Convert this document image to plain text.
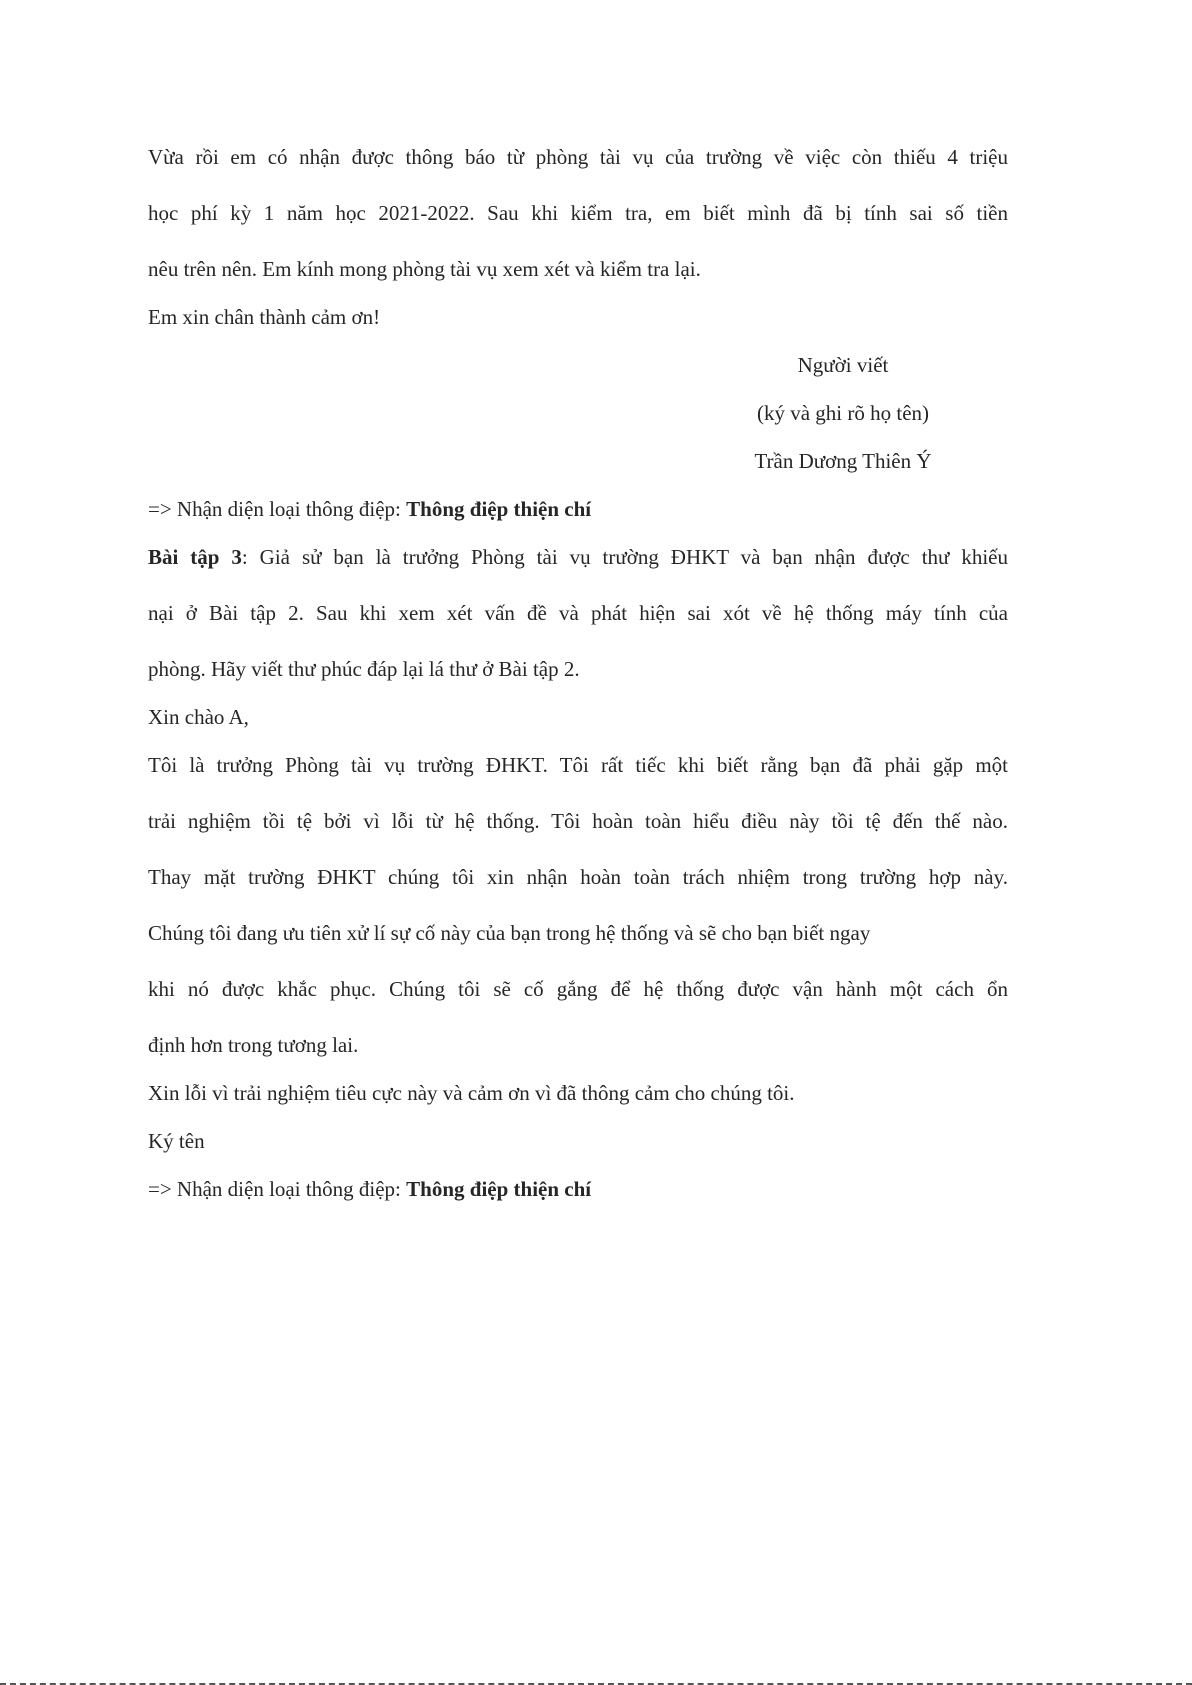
Vừa rồi em có nhận được thông báo từ phòng tài vụ của trường về việc còn thiếu 4 triệu
học phí kỳ 1 năm học 2021-2022. Sau khi kiểm tra, em biết mình đã bị tính sai số tiền
nêu trên nên. Em kính mong phòng tài vụ xem xét và kiểm tra lại.
Em xin chân thành cảm ơn!
Người viết
(ký và ghi rõ họ tên)
Trần Dương Thiên Ý
=> Nhận diện loại thông điệp: Thông điệp thiện chí
Bài tập 3: Giả sử bạn là trưởng Phòng tài vụ trường ĐHKT và bạn nhận được thư khiếu
nại ở Bài tập 2. Sau khi xem xét vấn đề và phát hiện sai xót về hệ thống máy tính của
phòng. Hãy viết thư phúc đáp lại lá thư ở Bài tập 2.
Xin chào A,
Tôi là trưởng Phòng tài vụ trường ĐHKT. Tôi rất tiếc khi biết rằng bạn đã phải gặp một
trải nghiệm tồi tệ bởi vì lỗi từ hệ thống. Tôi hoàn toàn hiểu điều này tồi tệ đến thế nào.
Thay mặt trường ĐHKT chúng tôi xin nhận hoàn toàn trách nhiệm trong trường hợp này.
Chúng tôi đang ưu tiên xử lí sự cố này của bạn trong hệ thống và sẽ cho bạn biết ngay
khi nó được khắc phục. Chúng tôi sẽ cố gắng để hệ thống được vận hành một cách ổn
định hơn trong tương lai.
Xin lỗi vì trải nghiệm tiêu cực này và cảm ơn vì đã thông cảm cho chúng tôi.
Ký tên
=> Nhận diện loại thông điệp: Thông điệp thiện chí
